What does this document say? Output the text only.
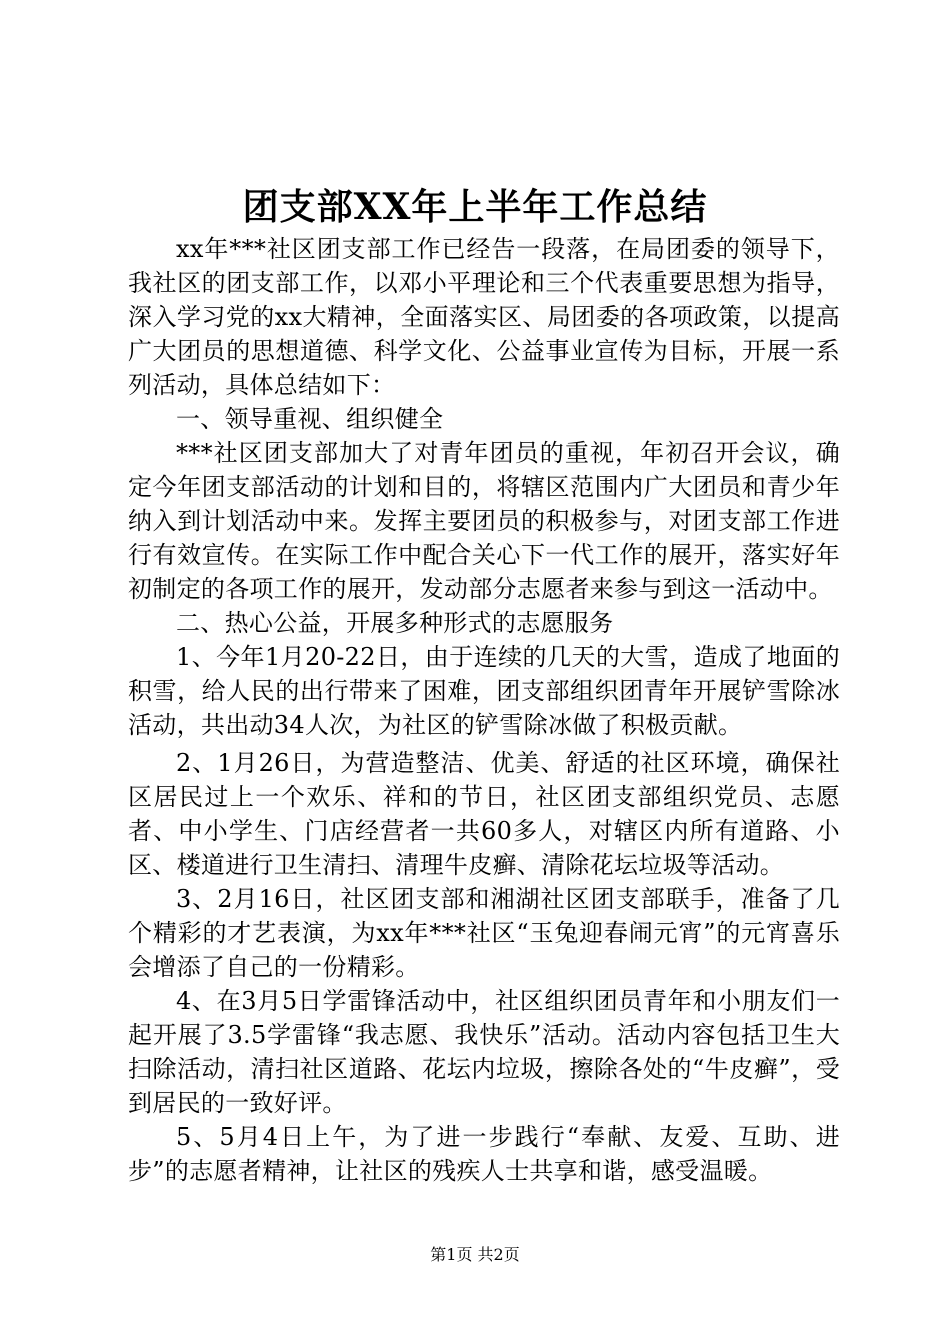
团支部XX年上半年工作总结

xx年***社区团支部工作已经告一段落，在局团委的领导下，我社区的团支部工作，以邓小平理论和三个代表重要思想为指导，深入学习党的xx大精神，全面落实区、局团委的各项政策，以提高广大团员的思想道德、科学文化、公益事业宣传为目标，开展一系列活动，具体总结如下：

一、领导重视、组织健全

***社区团支部加大了对青年团员的重视，年初召开会议，确定今年团支部活动的计划和目的，将辖区范围内广大团员和青少年纳入到计划活动中来。发挥主要团员的积极参与，对团支部工作进行有效宣传。在实际工作中配合关心下一代工作的展开，落实好年初制定的各项工作的展开，发动部分志愿者来参与到这一活动中。

二、热心公益，开展多种形式的志愿服务

1、今年1月20-22日，由于连续的几天的大雪，造成了地面的积雪，给人民的出行带来了困难，团支部组织团青年开展铲雪除冰活动，共出动34人次，为社区的铲雪除冰做了积极贡献。

2、1月26日，为营造整洁、优美、舒适的社区环境，确保社区居民过上一个欢乐、祥和的节日，社区团支部组织党员、志愿者、中小学生、门店经营者一共60多人，对辖区内所有道路、小区、楼道进行卫生清扫、清理牛皮癣、清除花坛垃圾等活动。

3、2月16日，社区团支部和湘湖社区团支部联手，准备了几个精彩的才艺表演，为xx年***社区“玉兔迎春闹元宵”的元宵喜乐会增添了自己的一份精彩。

4、在3月5日学雷锋活动中，社区组织团员青年和小朋友们一起开展了3.5学雷锋“我志愿、我快乐”活动。活动内容包括卫生大扫除活动，清扫社区道路、花坛内垃圾，擦除各处的“牛皮癣”，受到居民的一致好评。

5、5月4日上午，为了进一步践行“奉献、友爱、互助、进步”的志愿者精神，让社区的残疾人士共享和谐，感受温暖。

第1页 共2页
